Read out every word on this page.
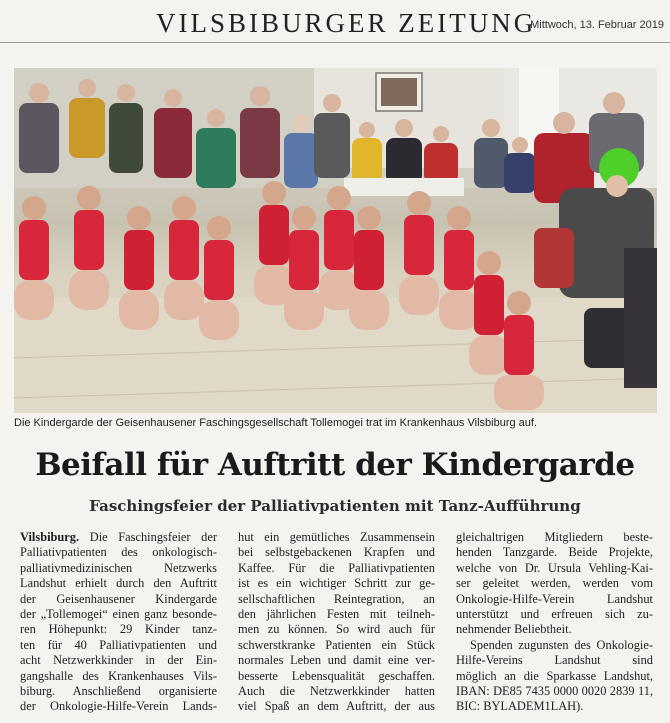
VILSBIBURGER ZEITUNG
Mittwoch, 13. Februar 2019
Die Kindergarde der Geisenhausener Faschingsgesellschaft Tollemogei trat im Krankenhaus Vilsbiburg auf.
Beifall für Auftritt der Kindergarde
Faschingsfeier der Palliativpatienten mit Tanz-Aufführung
Vilsbiburg. Die Faschingsfeier der
Palliativpatienten des onkologisch-
palliativmedizinischen Netzwerks
Landshut erhielt durch den Auftritt
der Geisenhausener Kindergarde
der „Tollemogei“ einen ganz besonde-
ren Höhepunkt: 29 Kinder tanz-
ten für 40 Palliativpatienten und
acht Netzwerkkinder in der Ein-
gangshalle des Krankenhauses Vils-
biburg. Anschließend organisierte
der Onkologie-Hilfe-Verein Lands-
hut ein gemütliches Zusammensein
bei selbstgebackenen Krapfen und
Kaffee. Für die Palliativpatienten
ist es ein wichtiger Schritt zur ge-
sellschaftlichen Reintegration, an
den jährlichen Festen mit teilneh-
men zu können. So wird auch für
schwerstkranke Patienten ein Stück
normales Leben und damit eine ver-
besserte Lebensqualität geschaffen.
Auch die Netzwerkkinder hatten
viel Spaß an dem Auftritt, der aus
gleichaltrigen Mitgliedern beste-
henden Tanzgarde. Beide Projekte,
welche von Dr. Ursula Vehling-Kai-
ser geleitet werden, werden vom
Onkologie-Hilfe-Verein Landshut
unterstützt und erfreuen sich zu-
nehmender Beliebtheit.
Spenden zugunsten des Onkologie-
Hilfe-Vereins Landshut sind
möglich an die Sparkasse Landshut,
IBAN: DE85 7435 0000 0020 2839 11,
BIC: BYLADEM1LAH).
